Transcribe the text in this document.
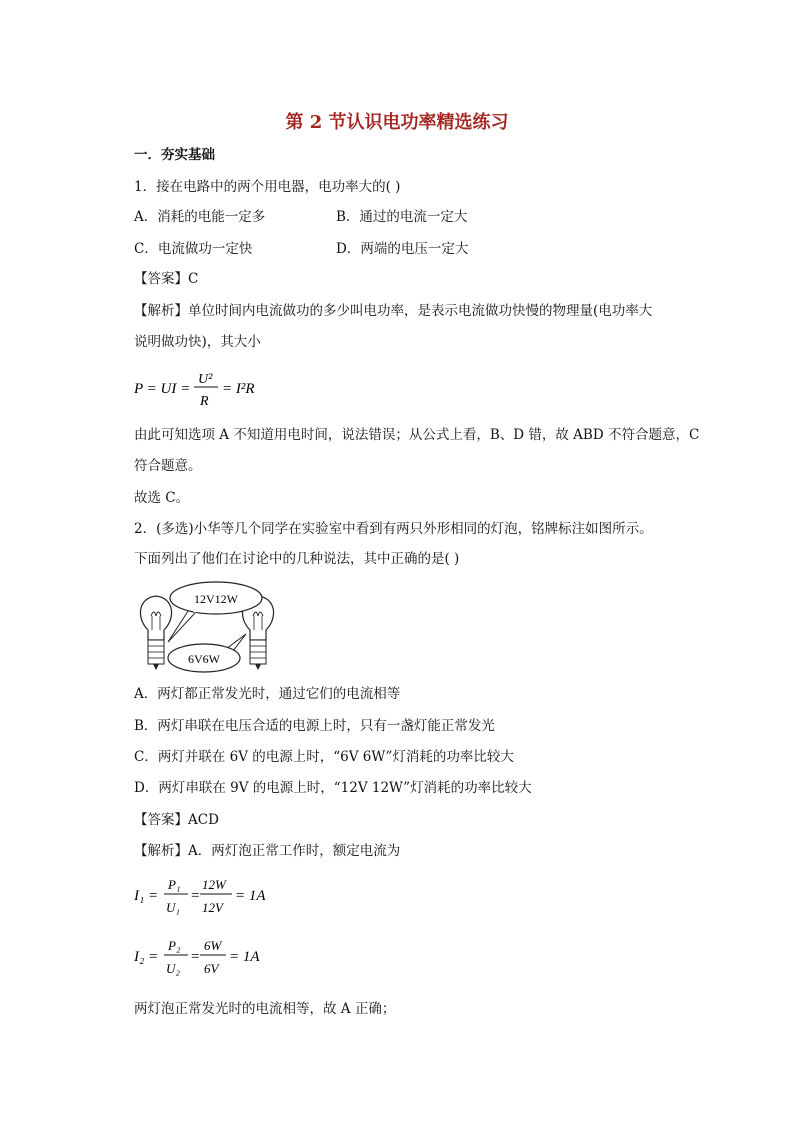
第 2 节认识电功率精选练习
一．夯实基础
1．接在电路中的两个用电器，电功率大的( )
A．消耗的电能一定多	B．通过的电流一定大
C．电流做功一定快	D．两端的电压一定大
【答案】C
【解析】单位时间内电流做功的多少叫电功率，是表示电流做功快慢的物理量(电功率大
说明做功快)，其大小
P = UI =
U²
R
= I²R
由此可知选项 A 不知道用电时间，说法错误；从公式上看，B、D 错，故 ABD 不符合题意，C
符合题意。
故选 C。
2．(多选)小华等几个同学在实验室中看到有两只外形相同的灯泡，铭牌标注如图所示。
下面列出了他们在讨论中的几种说法，其中正确的是( )
12V12W
6V6W
A．两灯都正常发光时，通过它们的电流相等
B．两灯串联在电压合适的电源上时，只有一盏灯能正常发光
C．两灯并联在 6V 的电源上时，“6V 6W”灯消耗的功率比较大
D．两灯串联在 9V 的电源上时，“12V 12W”灯消耗的功率比较大
【答案】ACD
【解析】A．两灯泡正常工作时，额定电流为
I₁ =
P₁
U₁
=
12W
12V
= 1A
I₂ =
P₂
U₂
=
6W
6V
= 1A
两灯泡正常发光时的电流相等，故 A 正确；
